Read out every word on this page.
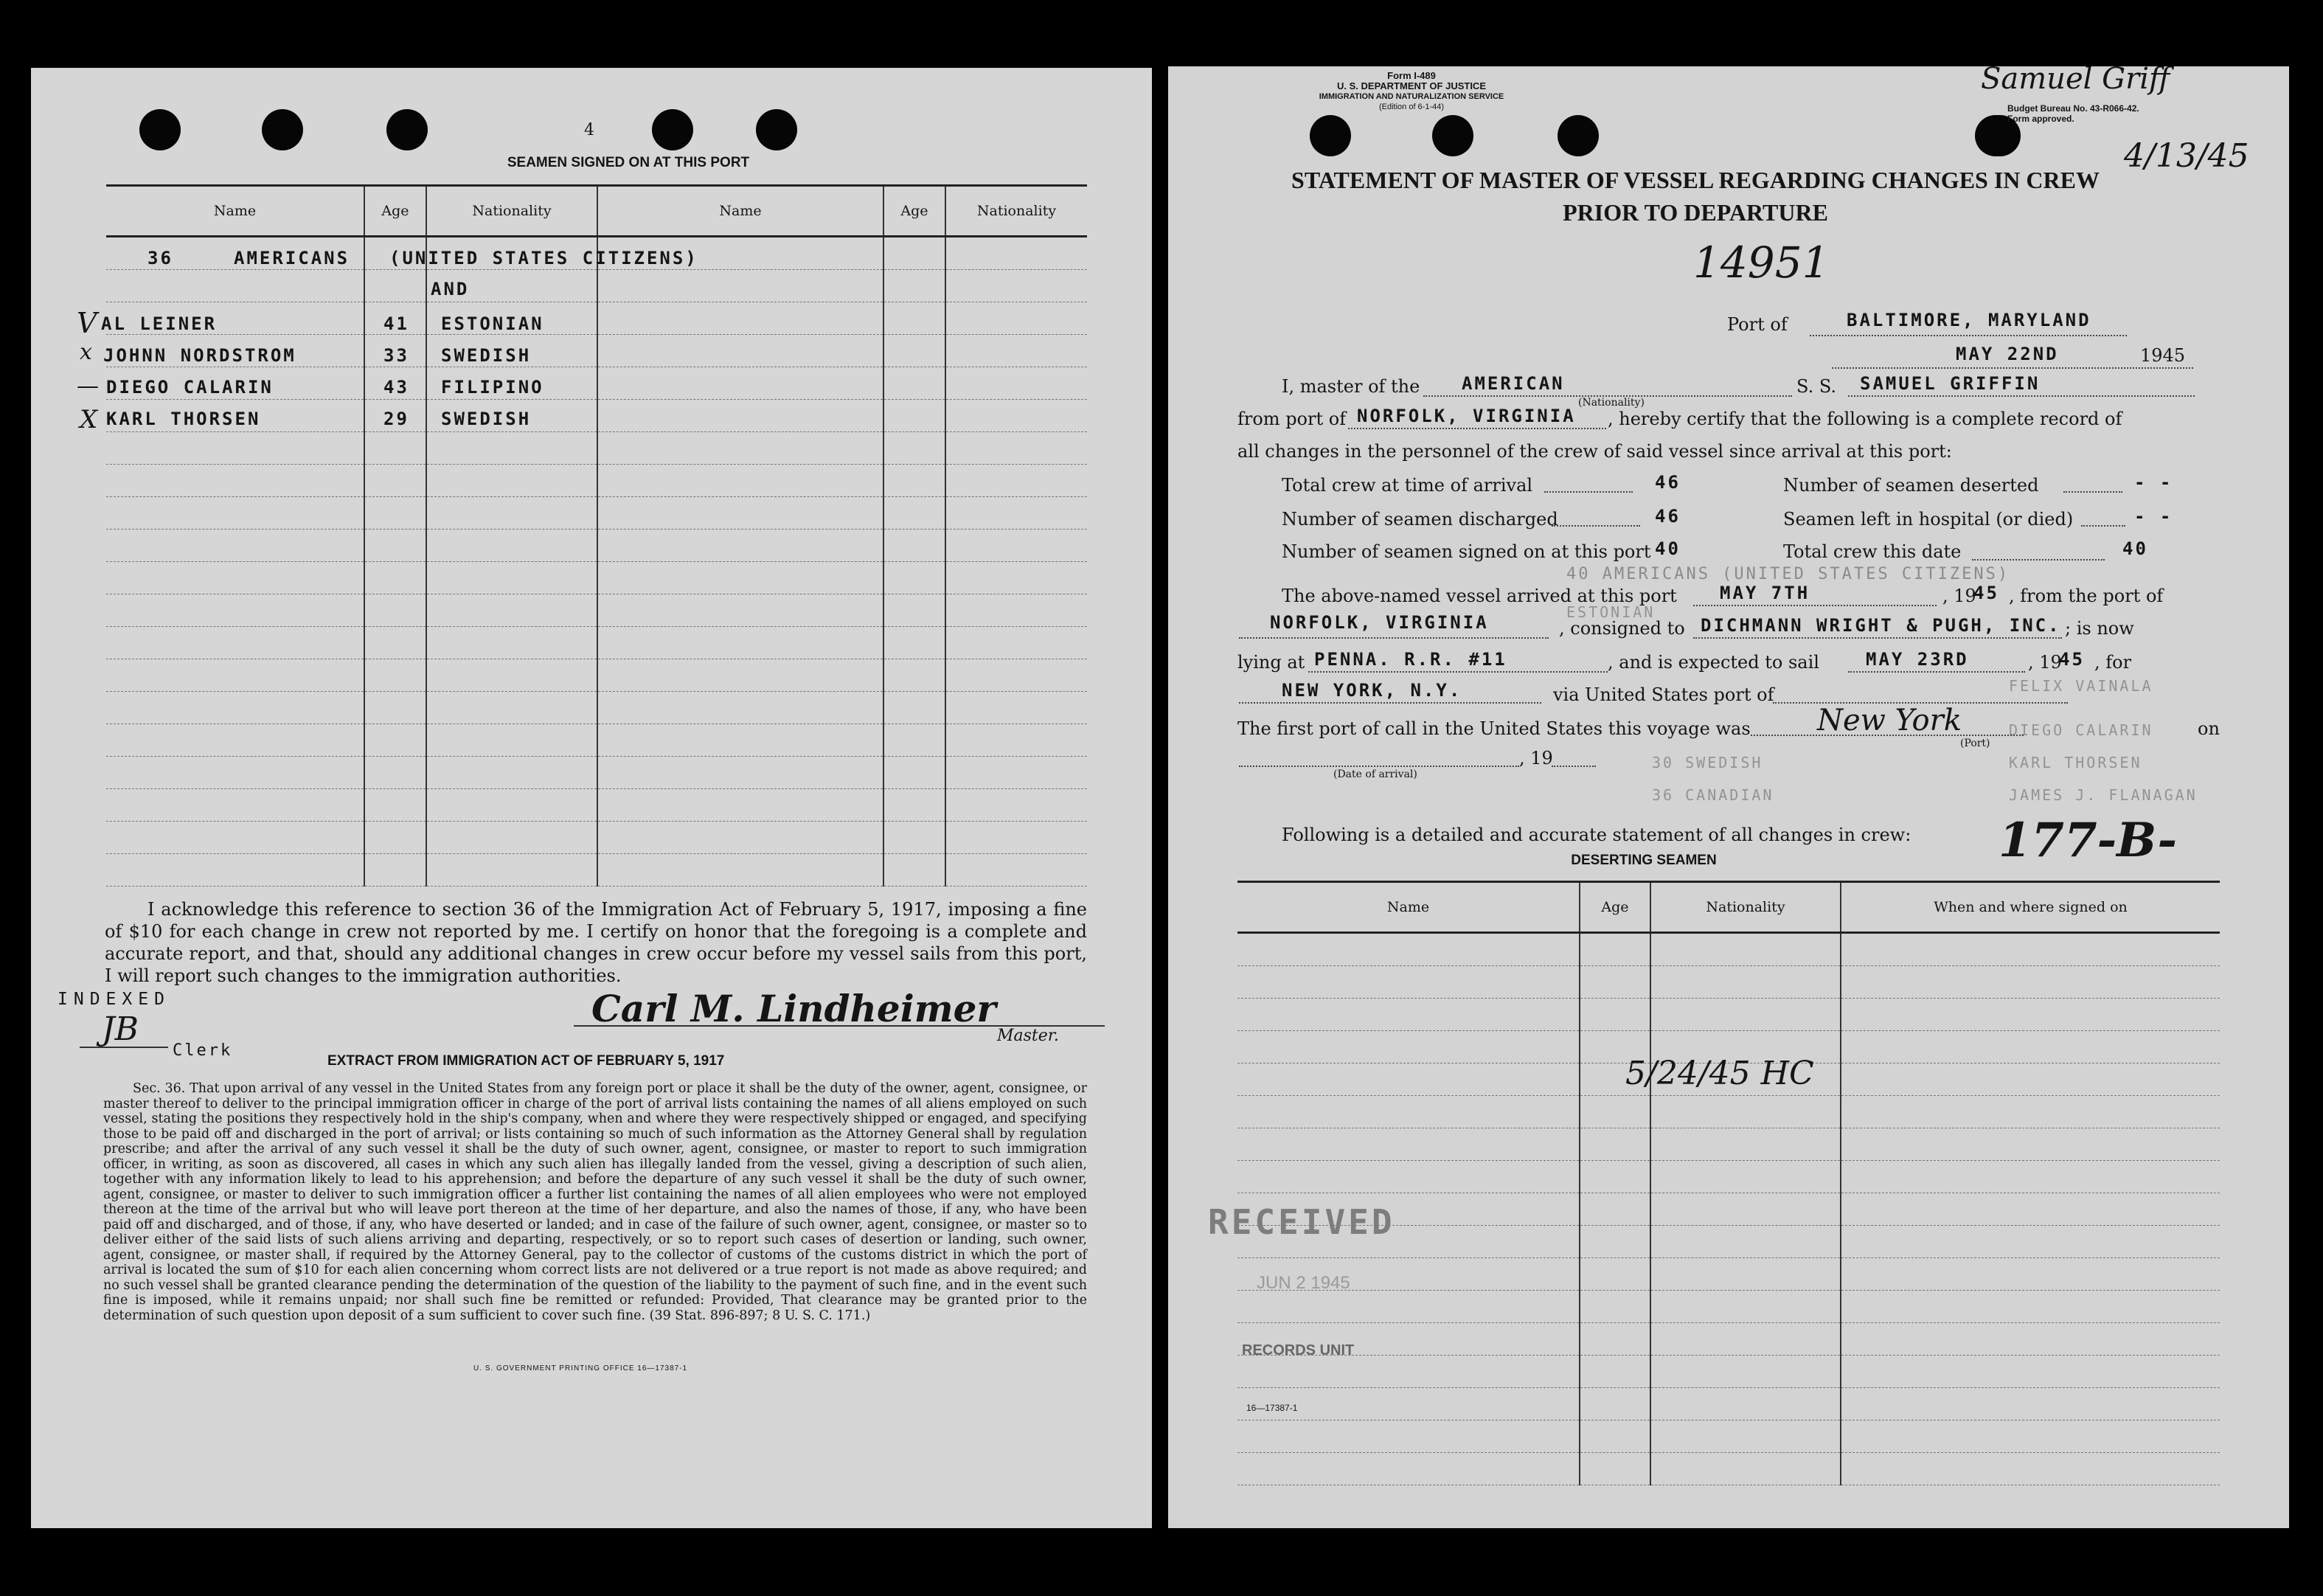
4
SEAMEN SIGNED ON AT THIS PORT
Name	Age	Nationality	Name	Age	Nationality

36	AMERICANS (UNITED STATES CITIZENS)
AND
V AL LEINER	41 ESTONIAN
x JOHNN NORDSTROM	33 SWEDISH
— DIEGO CALARIN	43 FILIPINO
X KARL THORSEN	29 SWEDISH
I acknowledge this reference to section 36 of the Immigration Act of February 5, 1917, imposing a fine of $10 for each change in crew not reported by me. I certify on honor that the foregoing is a complete and accurate report, and that, should any additional changes in crew occur before my vessel sails from this port, I will report such changes to the immigration authorities.
INDEXED
JB
Clerk
Carl M. Lindheimer
Master.
EXTRACT FROM IMMIGRATION ACT OF FEBRUARY 5, 1917
Sec. 36. That upon arrival of any vessel in the United States from any foreign port or place it shall be the duty of the owner, agent, consignee, or master thereof to deliver to the principal immigration officer in charge of the port of arrival lists containing the names of all aliens employed on such vessel, stating the positions they respectively hold in the ship's company, when and where they were respectively shipped or engaged, and specifying those to be paid off and discharged in the port of arrival; or lists containing so much of such information as the Attorney General shall by regulation prescribe; and after the arrival of any such vessel it shall be the duty of such owner, agent, consignee, or master to report to such immigration officer, in writing, as soon as discovered, all cases in which any such alien has illegally landed from the vessel, giving a description of such alien, together with any information likely to lead to his apprehension; and before the departure of any such vessel it shall be the duty of such owner, agent, consignee, or master to deliver to such immigration officer a further list containing the names of all alien employees who were not employed thereon at the time of the arrival but who will leave port thereon at the time of her departure, and also the names of those, if any, who have been paid off and discharged, and of those, if any, who have deserted or landed; and in case of the failure of such owner, agent, consignee, or master so to deliver either of the said lists of such aliens arriving and departing, respectively, or so to report such cases of desertion or landing, such owner, agent, consignee, or master shall, if required by the Attorney General, pay to the collector of customs of the customs district in which the port of arrival is located the sum of $10 for each alien concerning whom correct lists are not delivered or a true report is not made as above required; and no such vessel shall be granted clearance pending the determination of the question of the liability to the payment of such fine, and in the event such fine is imposed, while it remains unpaid; nor shall such fine be remitted or refunded: Provided, That clearance may be granted prior to the determination of such question upon deposit of a sum sufficient to cover such fine. (39 Stat. 896-897; 8 U. S. C. 171.)
U. S. GOVERNMENT PRINTING OFFICE 16—17387-1
Form I-489
U. S. DEPARTMENT OF JUSTICE
IMMIGRATION AND NATURALIZATION SERVICE
(Edition of 6-1-44)
Samuel Griff
Budget Bureau No. 43-R066-42.
Form approved.
4/13/45
STATEMENT OF MASTER OF VESSEL REGARDING CHANGES IN CREW
PRIOR TO DEPARTURE
14951
Port of	BALTIMORE, MARYLAND
MAY 22ND	1945
I, master of the AMERICAN
(Nationality)
S. S. SAMUEL GRIFFIN
from port of NORFOLK, VIRGINIA , hereby certify that the following is a complete record of
all changes in the personnel of the crew of said vessel since arrival at this port:
Total crew at time of arrival	46
Number of seamen discharged	46
Number of seamen signed on at this port 40
Number of seamen deserted	- -
Seamen left in hospital (or died)	- -
Total crew this date	40
40 AMERICANS (UNITED STATES CITIZENS)
ESTONIAN
FELIX VAINALA
DIEGO CALARIN
KARL THORSEN
JAMES J. FLANAGAN
30 SWEDISH
36 CANADIAN
The above-named vessel arrived at this port MAY 7TH	, 19
45 , from the port of
NORFOLK, VIRGINIA	, consigned to DICHMANN WRIGHT & PUGH, INC. ; is now
lying at PENNA. R.R. #11	, and is expected to sail	MAY 23RD	, 19
45 , for
NEW YORK, N.Y.	via United States port of
The first port of call in the United States this voyage was New York
(Port)
on
(Date of arrival)
, 19
Following is a detailed and accurate statement of all changes in crew:
DESERTING SEAMEN	177-B-
Name	Age	Nationality	When and where signed on

5/24/45 HC
RECEIVED
JUN 2 1945
RECORDS UNIT
16—17387-1
